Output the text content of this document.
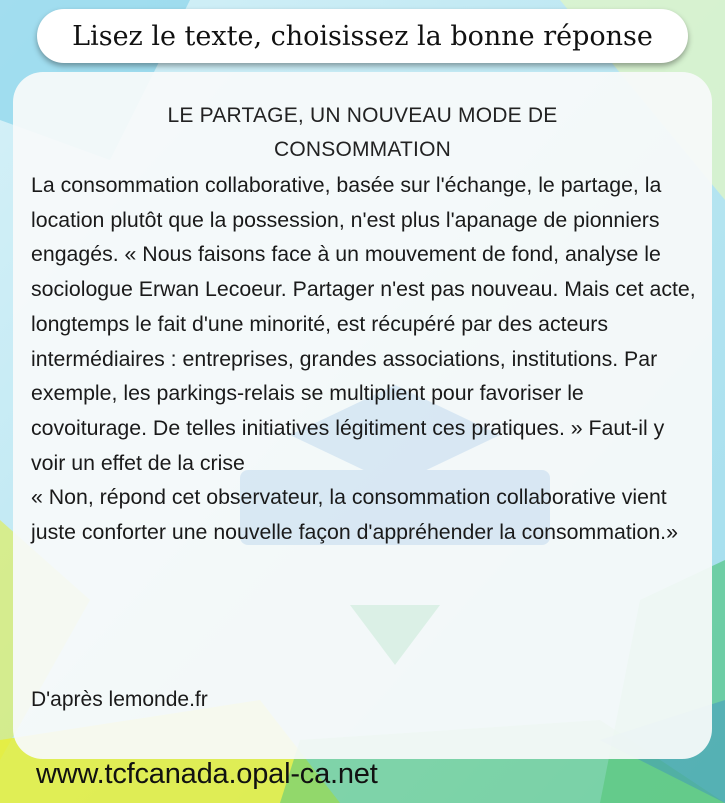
Lisez le texte, choisissez la bonne réponse
LE PARTAGE, UN NOUVEAU MODE DE
CONSOMMATION
La consommation collaborative, basée sur l'échange, le partage, la location plutôt que la possession, n'est plus l'apanage de pionniers engagés. « Nous faisons face à un mouvement de fond, analyse le sociologue Erwan Lecoeur. Partager n'est pas nouveau. Mais cet acte, longtemps le fait d'une minorité, est récupéré par des acteurs intermédiaires : entreprises, grandes associations, institutions. Par exemple, les parkings-relais se multiplient pour favoriser le covoiturage. De telles initiatives légitiment ces pratiques. » Faut-il y voir un effet de la crise
« Non, répond cet observateur, la consommation collaborative vient juste conforter une nouvelle façon d'appréhender la consommation.»
D'après lemonde.fr
www.tcfcanada.opal-ca.net
